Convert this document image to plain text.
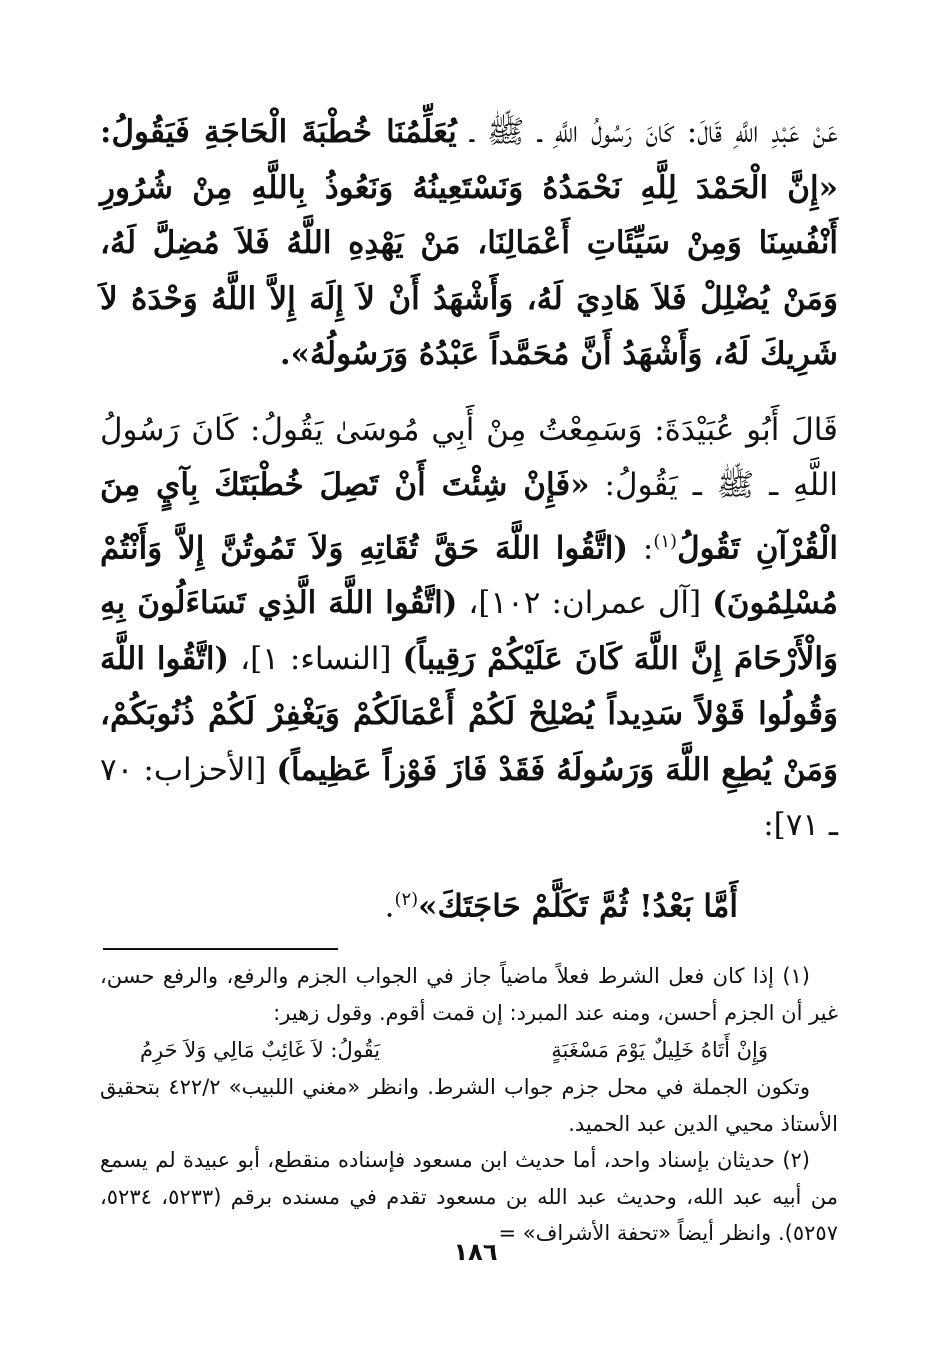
عَنْ عَبْدِ اللَّهِ قَالَ: كَانَ رَسُولُ اللَّهِ ـ ﷺ ـ يُعَلِّمُنَا خُطْبَةَ الْحَاجَةِ فَيَقُولُ: «إِنَّ الْحَمْدَ لِلَّهِ نَحْمَدُهُ وَنَسْتَعِينُهُ وَنَعُوذُ بِاللَّهِ مِنْ شُرُورِ أَنْفُسِنَا وَمِنْ سَيِّئَاتِ أَعْمَالِنَا، مَنْ يَهْدِهِ اللَّهُ فَلاَ مُضِلَّ لَهُ، وَمَنْ يُضْلِلْ فَلاَ هَادِيَ لَهُ، وَأَشْهَدُ أَنْ لاَ إِلَهَ إِلاَّ اللَّهُ وَحْدَهُ لاَ شَرِيكَ لَهُ، وَأَشْهَدُ أَنَّ مُحَمَّداً عَبْدُهُ وَرَسُولُهُ».

قَالَ أَبُو عُبَيْدَةَ: وَسَمِعْتُ مِنْ أَبِي مُوسَىٰ يَقُولُ: كَانَ رَسُولُ اللَّهِ ـ ﷺ ـ يَقُولُ: «فَإِنْ شِئْتَ أَنْ تَصِلَ خُطْبَتَكَ بِآيٍ مِنَ الْقُرْآنِ تَقُولُ$^{(١)}$: (اتَّقُوا اللَّهَ حَقَّ تُقَاتِهِ وَلاَ تَمُوتُنَّ إِلاَّ وَأَنْتُمْ مُسْلِمُونَ) [آل عمران: ١٠٢]، (اتَّقُوا اللَّهَ الَّذِي تَسَاءَلُونَ بِهِ وَالْأَرْحَامَ إِنَّ اللَّهَ كَانَ عَلَيْكُمْ رَقِيباً) [النساء: ١]، (اتَّقُوا اللَّهَ وَقُولُوا قَوْلاً سَدِيداً يُصْلِحْ لَكُمْ أَعْمَالَكُمْ وَيَغْفِرْ لَكُمْ ذُنُوبَكُمْ، وَمَنْ يُطِعِ اللَّهَ وَرَسُولَهُ فَقَدْ فَازَ فَوْزاً عَظِيماً) [الأحزاب: ٧٠ ـ ٧١]:

أَمَّا بَعْدُ! ثُمَّ تَكَلَّمْ حَاجَتَكَ»$^{(٢)}$.

(١) إذا كان فعل الشرط فعلاً ماضياً جاز في الجواب الجزم والرفع، والرفع حسن، غير أن الجزم أحسن، ومنه عند المبرد: إن قمت أقوم. وقول زهير:

وَإِنْ أَتَاهُ خَلِيلٌ يَوْمَ مَسْغَبَةٍ
يَقُولُ: لاَ غَائِبٌ مَالِي وَلاَ حَرِمُ

وتكون الجملة في محل جزم جواب الشرط. وانظر «مغني اللبيب» ٤٢٢/٢ بتحقيق الأستاذ محيي الدين عبد الحميد.

(٢) حديثان بإسناد واحد، أما حديث ابن مسعود فإسناده منقطع، أبو عبيدة لم يسمع من أبيه عبد الله، وحديث عبد الله بن مسعود تقدم في مسنده برقم (٥٢٣٣، ٥٢٣٤، ٥٢٥٧). وانظر أيضاً «تحفة الأشراف» =

١٨٦
